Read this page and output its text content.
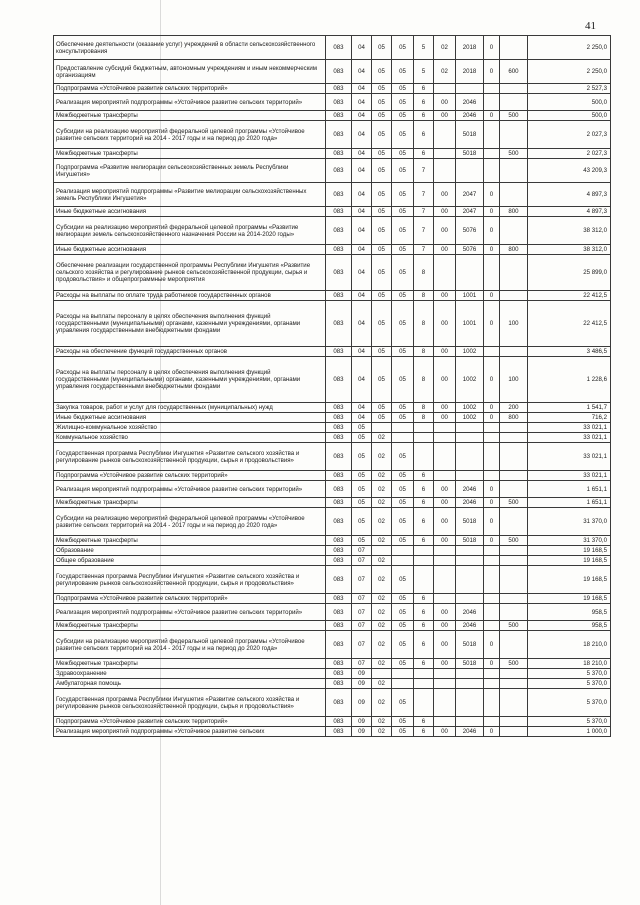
41
Обеспечение деятельности (оказание услуг) учреждений в области сельскохозяйственного консультирования	083	04	05	05	5	02	2018	0		2 250,0
Предоставление субсидий бюджетным, автономным учреждениям и иным некоммерческим организациям	083	04	05	05	5	02	2018	0	600	2 250,0
Подпрограмма «Устойчивое развитие сельских территорий»	083	04	05	05	6					2 527,3
Реализация мероприятий подпрограммы «Устойчивое развитие сельских территорий»	083	04	05	05	6	00	2046			500,0
Межбюджетные трансферты	083	04	05	05	6	00	2046	0	500	500,0
Субсидии на реализацию мероприятий федеральной целевой программы «Устойчивое развитие сельских территорий на 2014 - 2017 годы и на период до 2020 года»	083	04	05	05	6		5018			2 027,3
Межбюджетные трансферты	083	04	05	05	6		5018		500	2 027,3
Подпрограмма «Развитие мелиорации сельскохозяйственных земель Республики Ингушетия»	083	04	05	05	7					43 209,3
Реализация мероприятий подпрограммы «Развитие мелиорации сельскохозяйственных земель Республики Ингушетия»	083	04	05	05	7	00	2047	0		4 897,3
Иные бюджетные ассигнования	083	04	05	05	7	00	2047	0	800	4 897,3
Субсидии на реализацию мероприятий федеральной целевой программы «Развитие мелиорации земель сельскохозяйственного назначения России на 2014-2020 годы»	083	04	05	05	7	00	5076	0		38 312,0
Иные бюджетные ассигнования	083	04	05	05	7	00	5076	0	800	38 312,0
Обеспечение реализации государственной программы Республики Ингушетия «Развитие сельского хозяйства и регулирование рынков сельскохозяйственной продукции, сырья и продовольствия» и общепрограммные мероприятия	083	04	05	05	8					25 899,0
Расходы на выплаты по оплате труда работников государственных органов	083	04	05	05	8	00	1001	0		22 412,5
Расходы на выплаты персоналу в целях обеспечения выполнения функций государственными (муниципальными) органами, казенными учреждениями, органами управления государственными внебюджетными фондами	083	04	05	05	8	00	1001	0	100	22 412,5
Расходы на обеспечение функций государственных органов	083	04	05	05	8	00	1002			3 486,5
Расходы на выплаты персоналу в целях обеспечения выполнения функций государственными (муниципальными) органами, казенными учреждениями, органами управления государственными внебюджетными фондами	083	04	05	05	8	00	1002	0	100	1 228,6
Закупка товаров, работ и услуг для государственных (муниципальных) нужд	083	04	05	05	8	00	1002	0	200	1 541,7
Иные бюджетные ассигнования	083	04	05	05	8	00	1002	0	800	716,2
Жилищно-коммунальное хозяйство	083	05								33 021,1
Коммунальное хозяйство	083	05	02							33 021,1
Государственная программа Республики Ингушетия «Развитие сельского хозяйства и регулирование рынков сельскохозяйственной продукции, сырья и продовольствия»	083	05	02	05						33 021,1
Подпрограмма «Устойчивое развитие сельских территорий»	083	05	02	05	6					33 021,1
Реализация мероприятий подпрограммы «Устойчивое развитие сельских территорий»	083	05	02	05	6	00	2046	0		1 651,1
Межбюджетные трансферты	083	05	02	05	6	00	2046	0	500	1 651,1
Субсидии на реализацию мероприятий федеральной целевой программы «Устойчивое развитие сельских территорий на 2014 - 2017 годы и на период до 2020 года»	083	05	02	05	6	00	5018	0		31 370,0
Межбюджетные трансферты	083	05	02	05	6	00	5018	0	500	31 370,0
Образование	083	07								19 168,5
Общее образование	083	07	02							19 168,5
Государственная программа Республики Ингушетия «Развитие сельского хозяйства и регулирование рынков сельскохозяйственной продукции, сырья и продовольствия»	083	07	02	05						19 168,5
Подпрограмма «Устойчивое развитие сельских территорий»	083	07	02	05	6					19 168,5
Реализация мероприятий подпрограммы «Устойчивое развитие сельских территорий»	083	07	02	05	6	00	2046			958,5
Межбюджетные трансферты	083	07	02	05	6	00	2046		500	958,5
Субсидии на реализацию мероприятий федеральной целевой программы «Устойчивое развитие сельских территорий на 2014 - 2017 годы и на период до 2020 года»	083	07	02	05	6	00	5018	0		18 210,0
Межбюджетные трансферты	083	07	02	05	6	00	5018	0	500	18 210,0
Здравоохранение	083	09								5 370,0
Амбулаторная помощь	083	09	02							5 370,0
Государственная программа Республики Ингушетия «Развитие сельского хозяйства и регулирование рынков сельскохозяйственной продукции, сырья и продовольствия»	083	09	02	05						5 370,0
Подпрограмма «Устойчивое развитие сельских территорий»	083	09	02	05	6					5 370,0
Реализация мероприятий подпрограммы «Устойчивое развитие сельских	083	09	02	05	6	00	2046	0		1 000,0
